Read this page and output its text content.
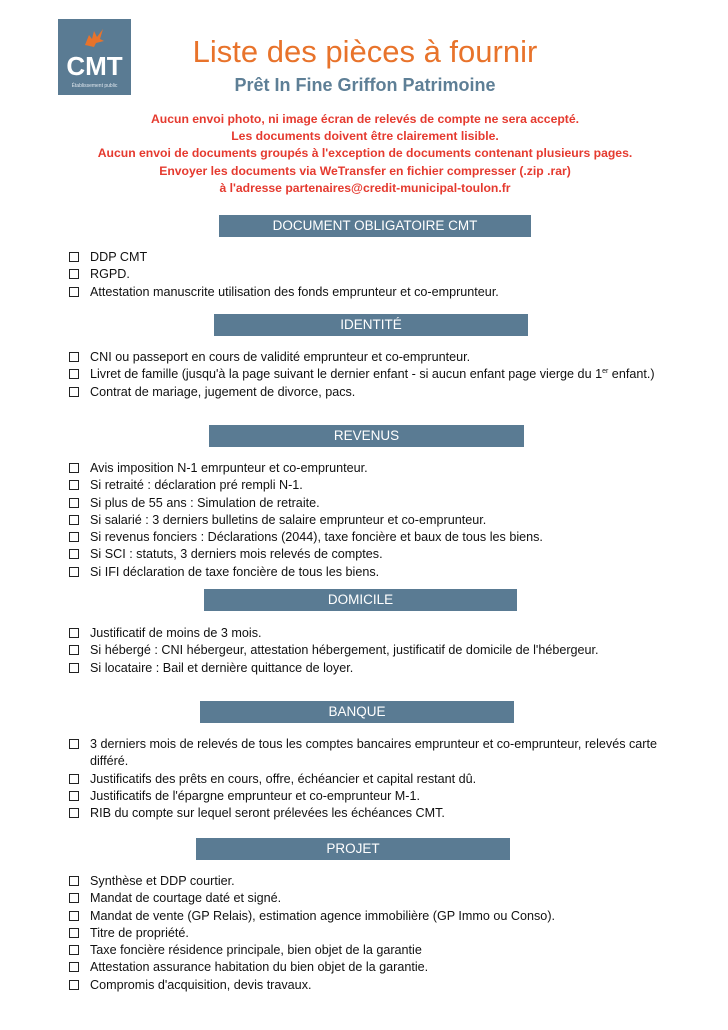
CMT
Établissement public
Liste des pièces à fournir
Prêt In Fine Griffon Patrimoine
Aucun envoi photo, ni image écran de relevés de compte ne sera accepté.
Les documents doivent être clairement lisible.
Aucun envoi de documents groupés à l'exception de documents contenant plusieurs pages.
Envoyer les documents via WeTransfer en fichier compresser (.zip .rar)
à l'adresse partenaires@credit-municipal-toulon.fr
DOCUMENT OBLIGATOIRE CMT
DDP CMT
RGPD.
Attestation manuscrite utilisation des fonds emprunteur et co-emprunteur.
IDENTITÉ
CNI ou passeport en cours de validité emprunteur et co-emprunteur.
Livret de famille (jusqu'à la page suivant le dernier enfant - si aucun enfant page vierge du 1er enfant.)
Contrat de mariage, jugement de divorce, pacs.
REVENUS
Avis imposition N-1 emrpunteur et co-emprunteur.
Si retraité : déclaration pré rempli N-1.
Si plus de 55 ans : Simulation de retraite.
Si salarié : 3 derniers bulletins de salaire emprunteur et co-emprunteur.
Si revenus fonciers : Déclarations (2044), taxe foncière et baux de tous les biens.
Si SCI : statuts, 3 derniers mois relevés de comptes.
Si IFI déclaration de taxe foncière de tous les biens.
DOMICILE
Justificatif de moins de 3 mois.
Si hébergé : CNI hébergeur, attestation hébergement, justificatif de domicile de l'hébergeur.
Si locataire : Bail et dernière quittance de loyer.
BANQUE
3 derniers mois de relevés de tous les comptes bancaires emprunteur et co-emprunteur, relevés carte différé.
Justificatifs des prêts en cours, offre, échéancier et capital restant dû.
Justificatifs de l'épargne emprunteur et co-emprunteur M-1.
RIB du compte sur lequel seront prélevées les échéances CMT.
PROJET
Synthèse et DDP courtier.
Mandat de courtage daté et signé.
Mandat de vente (GP Relais), estimation agence immobilière (GP Immo ou Conso).
Titre de propriété.
Taxe foncière résidence principale, bien objet de la garantie
Attestation assurance habitation du bien objet de la garantie.
Compromis d'acquisition, devis travaux.
